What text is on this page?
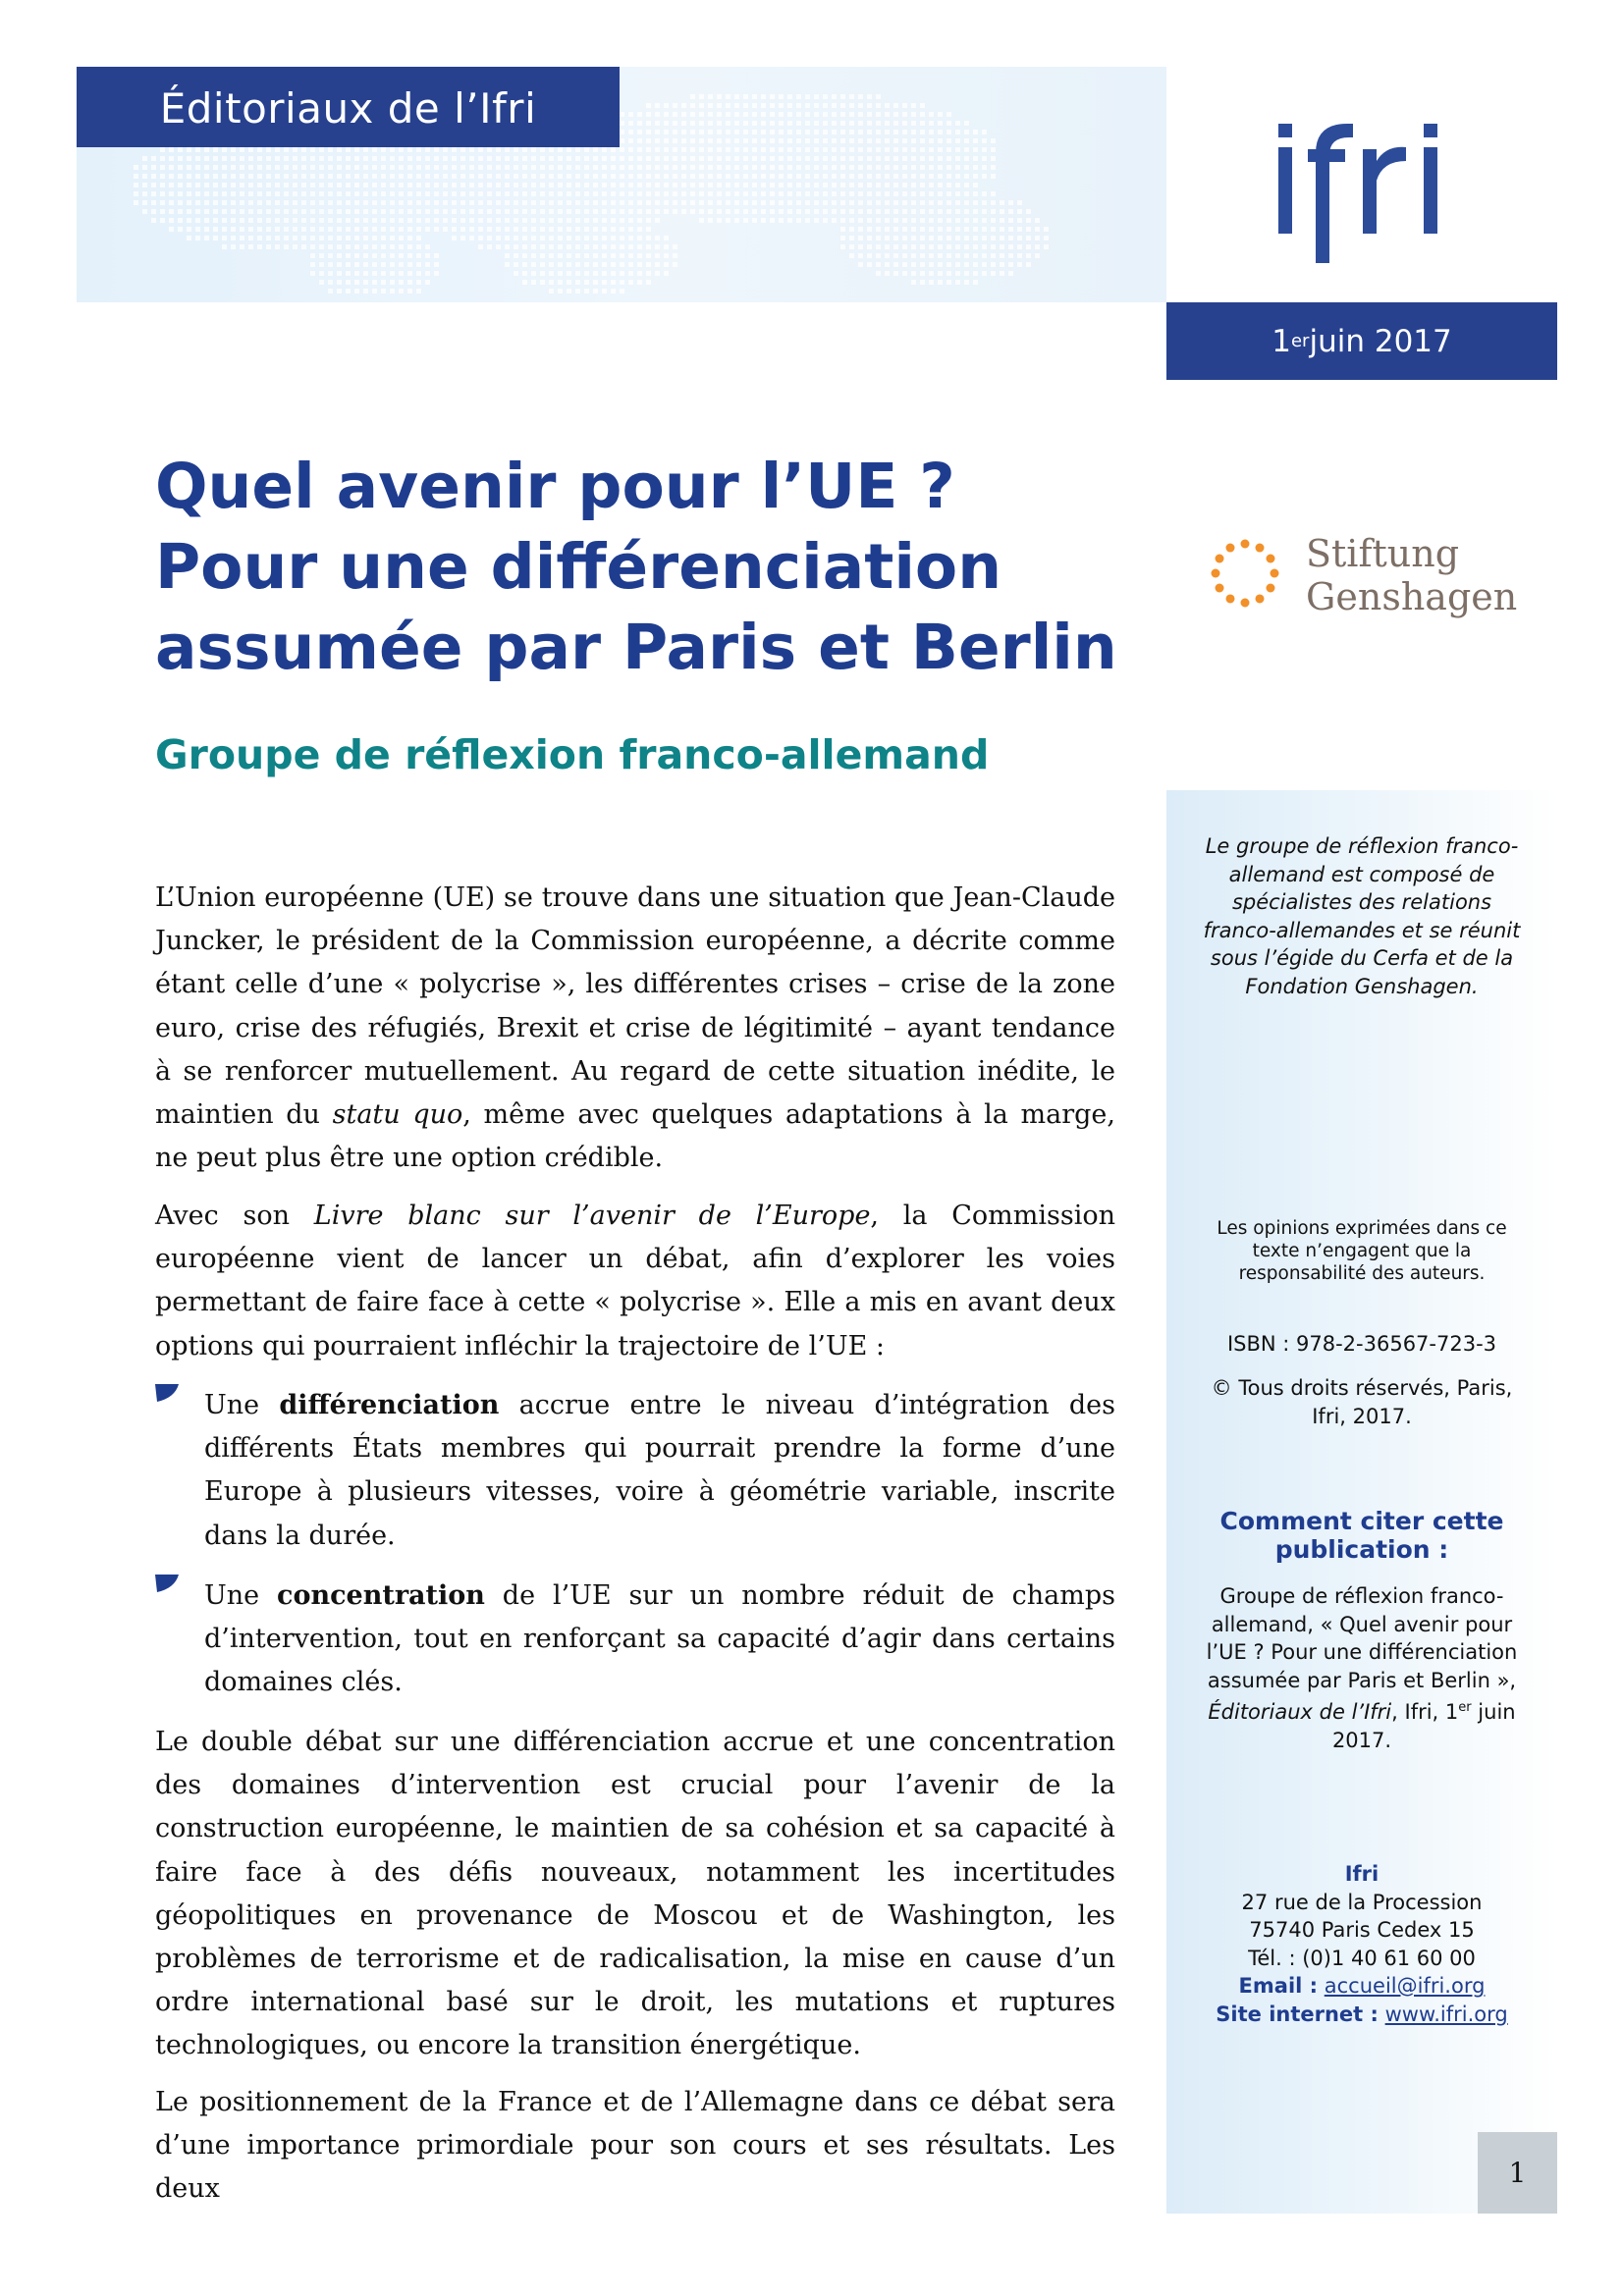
Éditoriaux de l’Ifri
1 er juin 2017
Quel avenir pour l’UE ?
Pour une différenciation
assumée par Paris et Berlin
Groupe de réflexion franco-allemand
Stiftung
Genshagen
Le groupe de réflexion franco-allemand est composé de spécialistes des relations franco-allemandes et se réunit sous l’égide du Cerfa et de la Fondation Genshagen.
Les opinions exprimées dans ce texte n’engagent que la responsabilité des auteurs.
ISBN : 978-2-36567-723-3
© Tous droits réservés, Paris, Ifri, 2017.
Comment citer cette publication :
Groupe de réflexion franco-allemand, « Quel avenir pour l’UE ? Pour une différenciation assumée par Paris et Berlin », Éditoriaux de l’Ifri, Ifri, 1er juin 2017.
Ifri
27 rue de la Procession
75740 Paris Cedex 15
Tél. : (0)1 40 61 60 00
Email : accueil@ifri.org
Site internet : www.ifri.org
1

L’Union européenne (UE) se trouve dans une situation que Jean-Claude Juncker, le président de la Commission européenne, a décrite comme étant celle d’une « polycrise », les différentes crises – crise de la zone euro, crise des réfugiés, Brexit et crise de légitimité – ayant tendance à se renforcer mutuellement. Au regard de cette situation inédite, le maintien du statu quo, même avec quelques adaptations à la marge, ne peut plus être une option crédible.

Avec son Livre blanc sur l’avenir de l’Europe, la Commission européenne vient de lancer un débat, afin d’explorer les voies permettant de faire face à cette « polycrise ». Elle a mis en avant deux options qui pourraient infléchir la trajectoire de l’UE :

Une différenciation accrue entre le niveau d’intégration des différents États membres qui pourrait prendre la forme d’une Europe à plusieurs vitesses, voire à géométrie variable, inscrite dans la durée.

Une concentration de l’UE sur un nombre réduit de champs d’intervention, tout en renforçant sa capacité d’agir dans certains domaines clés.

Le double débat sur une différenciation accrue et une concentration des domaines d’intervention est crucial pour l’avenir de la construction européenne, le maintien de sa cohésion et sa capacité à faire face à des défis nouveaux, notamment les incertitudes géopolitiques en provenance de Moscou et de Washington, les problèmes de terrorisme et de radicalisation, la mise en cause d’un ordre international basé sur le droit, les mutations et ruptures technologiques, ou encore la transition énergétique.

Le positionnement de la France et de l’Allemagne dans ce débat sera d’une importance primordiale pour son cours et ses résultats. Les deux
